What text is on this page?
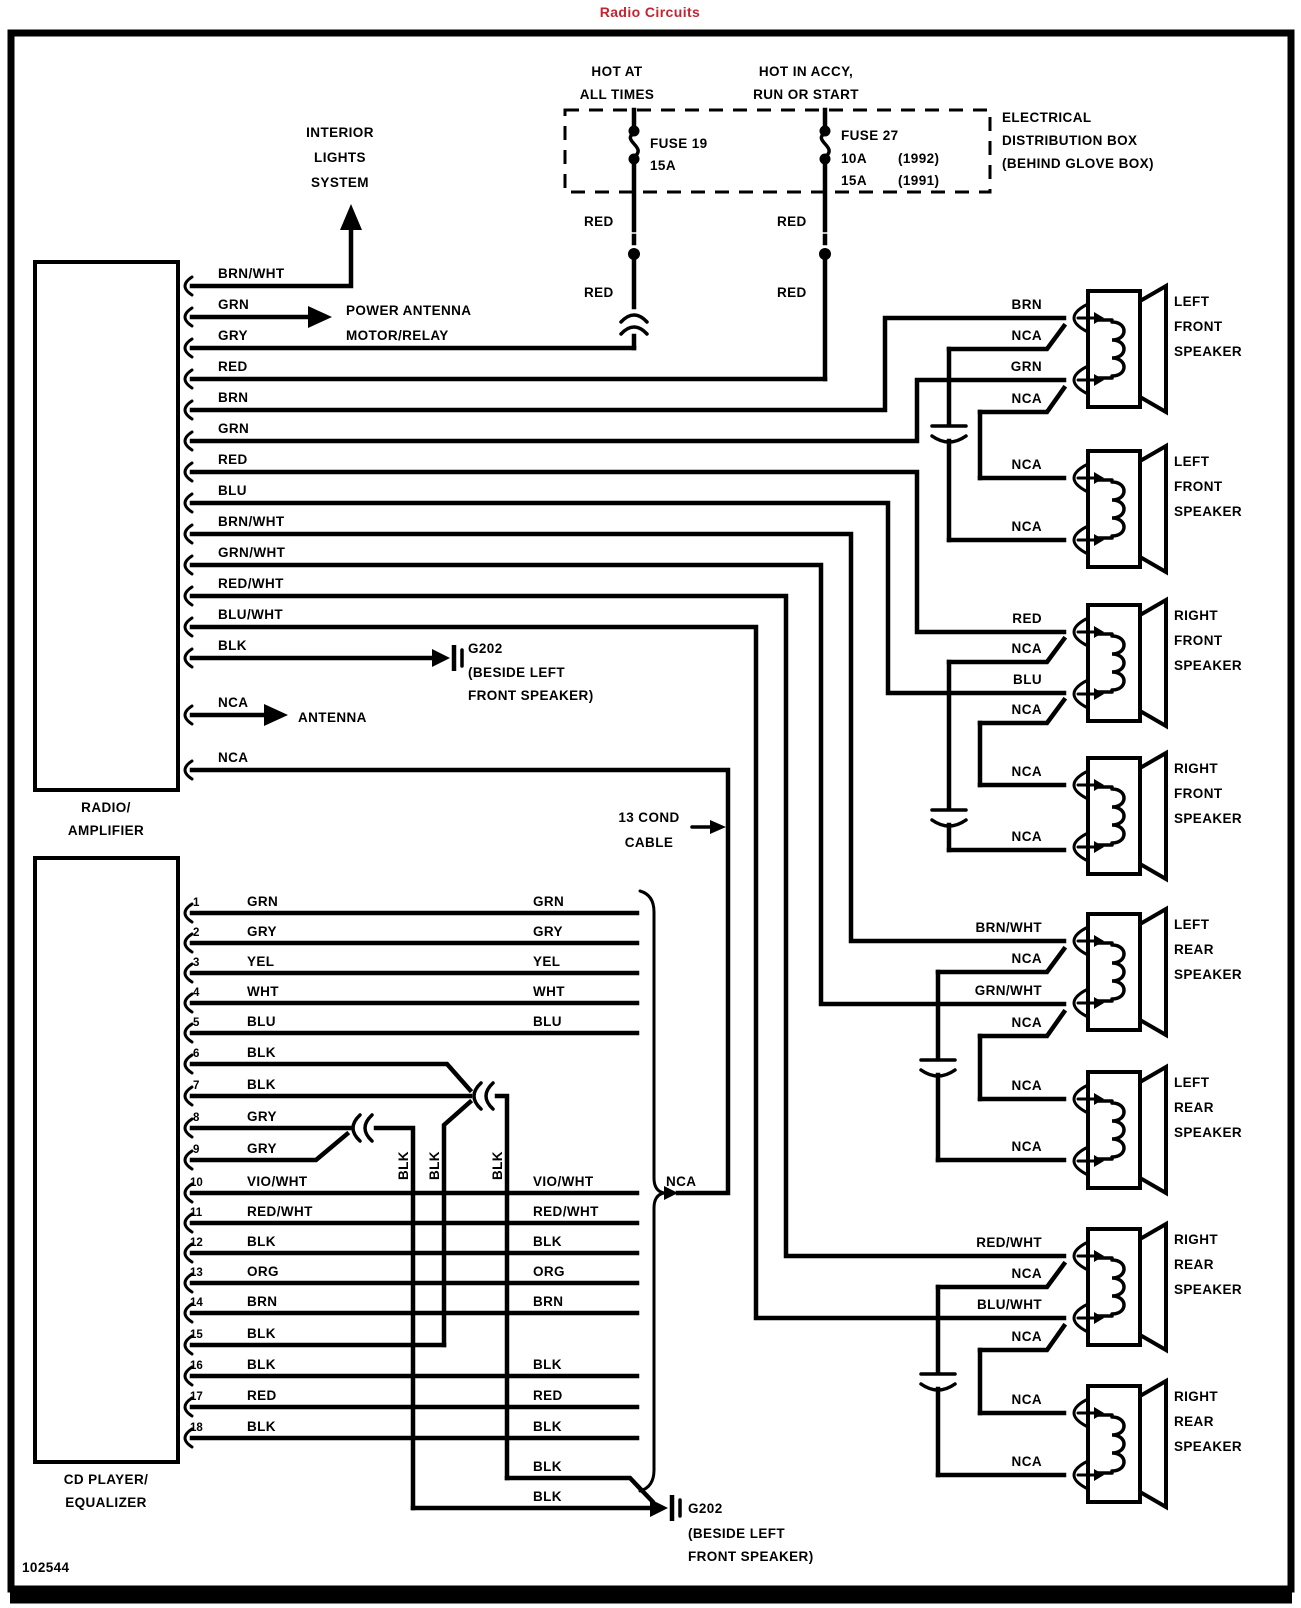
Radio Circuits
102544
HOT AT
ALL TIMES
HOT IN ACCY,
RUN OR START
ELECTRICAL
DISTRIBUTION BOX
(BEHIND GLOVE BOX)
FUSE 19
15A
RED
RED
FUSE 27
10A (1992)
15A (1991)
RED
RED
RADIO/
AMPLIFIER
BRN/WHT
GRN
GRY
RED
BRN
GRN
RED
BLU
BRN/WHT
GRN/WHT
RED/WHT
BLU/WHT
BLK
NCA
NCA
INTERIOR
LIGHTS
SYSTEM
POWER ANTENNA
MOTOR/RELAY
G202
(BESIDE LEFT
FRONT SPEAKER)
ANTENNA
BRN
NCA
GRN
NCA
NCA
NCA
LEFT
FRONT
SPEAKER
LEFT
FRONT
SPEAKER
RED
NCA
BLU
NCA
NCA
NCA
RIGHT
FRONT
SPEAKER
RIGHT
FRONT
SPEAKER
BRN/WHT
NCA
GRN/WHT
NCA
NCA
NCA
LEFT
REAR
SPEAKER
LEFT
REAR
SPEAKER
RED/WHT
NCA
BLU/WHT
NCA
NCA
NCA
RIGHT
REAR
SPEAKER
RIGHT
REAR
SPEAKER
13 COND
CABLE
NCA
CD PLAYER/
EQUALIZER	G202
(BESIDE LEFT
FRONT SPEAKER)
BLK BLK	BLK
1
2
3
4
5
6
7
8
9
10
11
12
13
14
15
16
17
18
GRN
GRY
YEL
WHT
BLU
BLK
BLK
GRY
GRY
VIO/WHT
RED/WHT
BLK
ORG
BRN
BLK
BLK
RED
BLK
GRN
GRY
YEL
WHT
BLU
VIO/WHT
RED/WHT
BLK
ORG
BRN
BLK
RED
BLK
BLK
BLK
